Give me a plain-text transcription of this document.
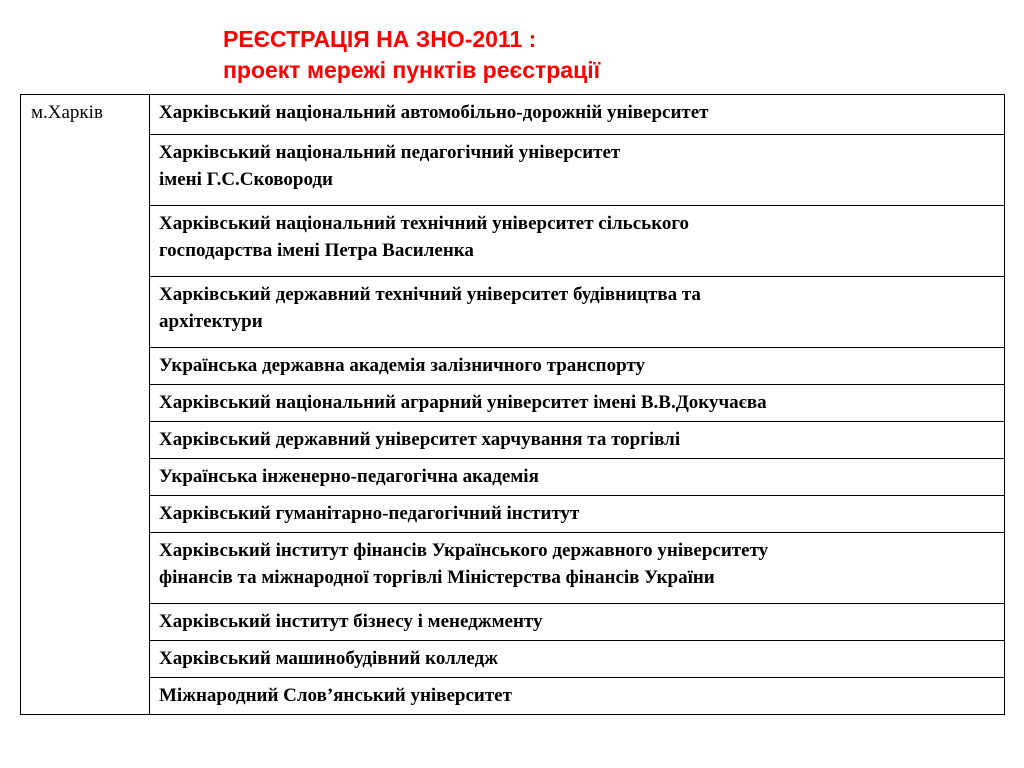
РЕЄСТРАЦІЯ НА ЗНО-2011 :
проект мережі пунктів реєстрації
м.Харків	Харківський національний автомобільно-дорожній університет

Харківський національний педагогічний університет
імені Г.С.Сковороди

Харківський національний технічний університет сільського
господарства імені Петра Василенка

Харківський державний технічний університет будівництва та
архітектури

Українська державна академія залізничного транспорту

Харківський національний аграрний університет імені В.В.Докучаєва

Харківський державний університет харчування та торгівлі

Українська інженерно-педагогічна академія

Харківський гуманітарно-педагогічний інститут

Харківський інститут фінансів Українського державного університету
фінансів та міжнародної торгівлі Міністерства фінансів України

Харківський інститут бізнесу і менеджменту

Харківський машинобудівний колледж

Міжнародний Слов’янський університет
